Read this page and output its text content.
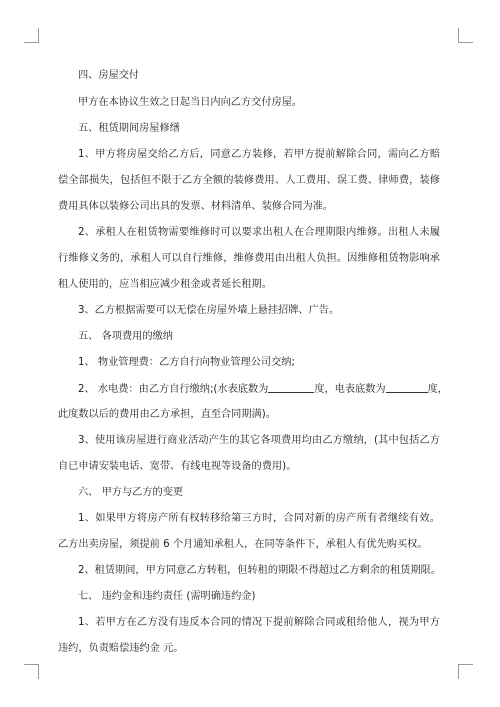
四、房屋交付
甲方在本协议生效之日起当日内向乙方交付房屋。
五、租赁期间房屋修缮
1、甲方将房屋交给乙方后，同意乙方装修，若甲方提前解除合同，需向乙方赔
偿全部损失，包括但不限于乙方全额的装修费用、人工费用、误工费、律师费，装修
费用具体以装修公司出具的发票、材料清单、装修合同为准。
2、承租人在租赁物需要维修时可以要求出租人在合理期限内维修。出租人未履
行维修义务的，承租人可以自行维修，维修费用由出租人负担。因维修租赁物影响承
租人使用的，应当相应减少租金或者延长租期。
3、乙方根据需要可以无偿在房屋外墙上悬挂招牌、广告。
五、 各项费用的缴纳
1、 物业管理费：乙方自行向物业管理公司交纳;
2、 水电费：由乙方自行缴纳;(水表底数为	度，电表底数为	度，
此度数以后的费用由乙方承担，直至合同期满)。
3、使用该房屋进行商业活动产生的其它各项费用均由乙方缴纳，(其中包括乙方
自已申请安装电话、宽带、有线电视等设备的费用)。
六、 甲方与乙方的变更
1、如果甲方将房产所有权转移给第三方时，合同对新的房产所有者继续有效。
乙方出卖房屋，须提前 6 个月通知承租人，在同等条件下，承租人有优先购买权。
2、租赁期间，甲方同意乙方转租，但转租的期限不得超过乙方剩余的租赁期限。
七、 违约金和违约责任 (需明确违约金)
1、若甲方在乙方没有违反本合同的情况下提前解除合同或租给他人，视为甲方
违约，负责赔偿违约金 元。
